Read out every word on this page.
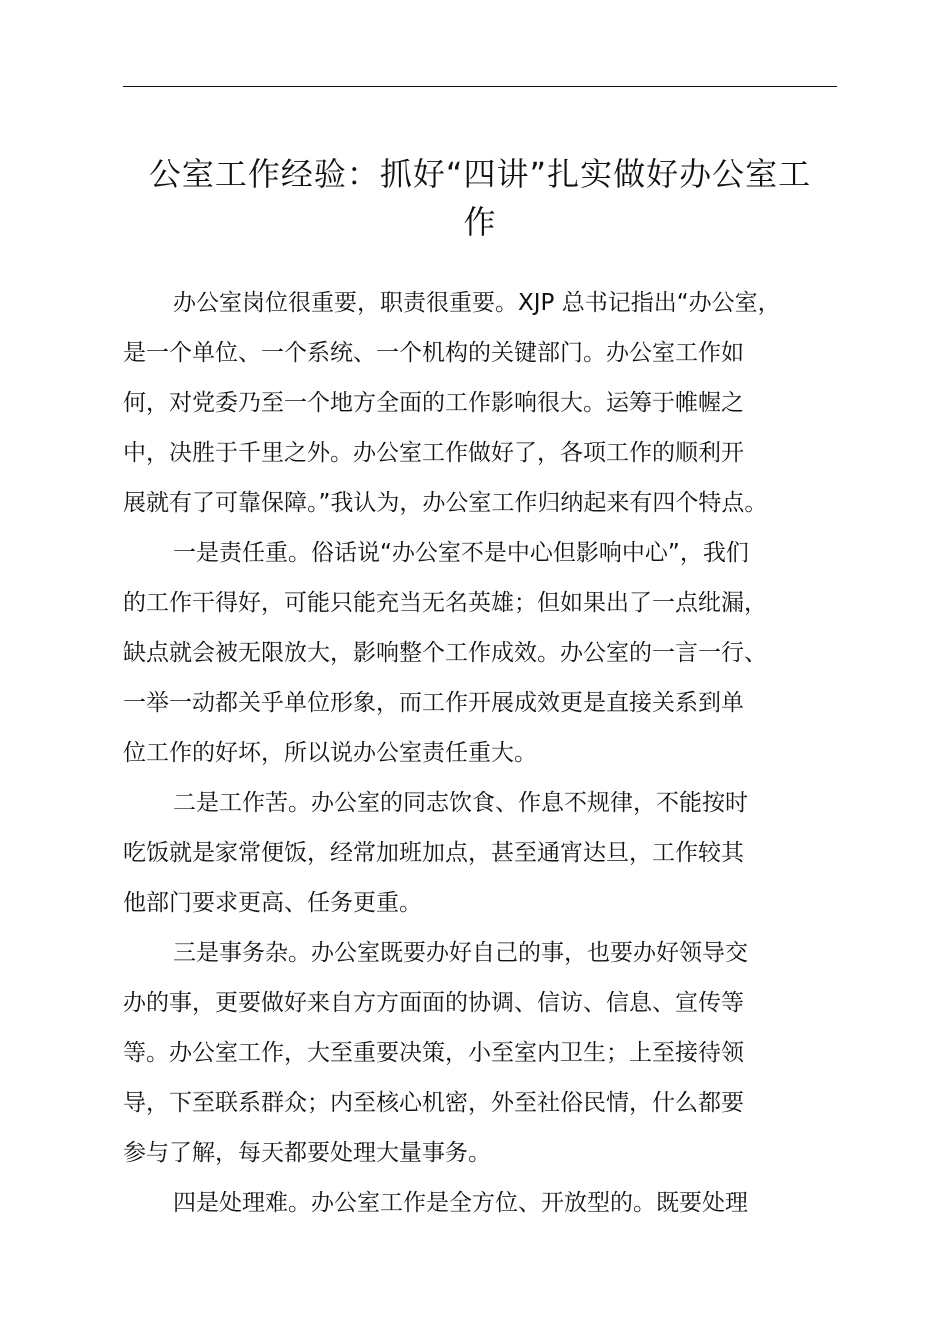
公室工作经验：抓好“四讲”扎实做好办公室工
作

办公室岗位很重要，职责很重要。XJP 总书记指出“办公室，
是一个单位、一个系统、一个机构的关键部门。办公室工作如
何，对党委乃至一个地方全面的工作影响很大。运筹于帷幄之
中，决胜于千里之外。办公室工作做好了，各项工作的顺利开
展就有了可靠保障。”我认为，办公室工作归纳起来有四个特点。

一是责任重。俗话说“办公室不是中心但影响中心”，我们
的工作干得好，可能只能充当无名英雄；但如果出了一点纰漏，
缺点就会被无限放大，影响整个工作成效。办公室的一言一行、
一举一动都关乎单位形象，而工作开展成效更是直接关系到单
位工作的好坏，所以说办公室责任重大。

二是工作苦。办公室的同志饮食、作息不规律，不能按时
吃饭就是家常便饭，经常加班加点，甚至通宵达旦，工作较其
他部门要求更高、任务更重。

三是事务杂。办公室既要办好自己的事，也要办好领导交
办的事，更要做好来自方方面面的协调、信访、信息、宣传等
等。办公室工作，大至重要决策，小至室内卫生；上至接待领
导，下至联系群众；内至核心机密，外至社俗民情，什么都要
参与了解，每天都要处理大量事务。

四是处理难。办公室工作是全方位、开放型的。既要处理
